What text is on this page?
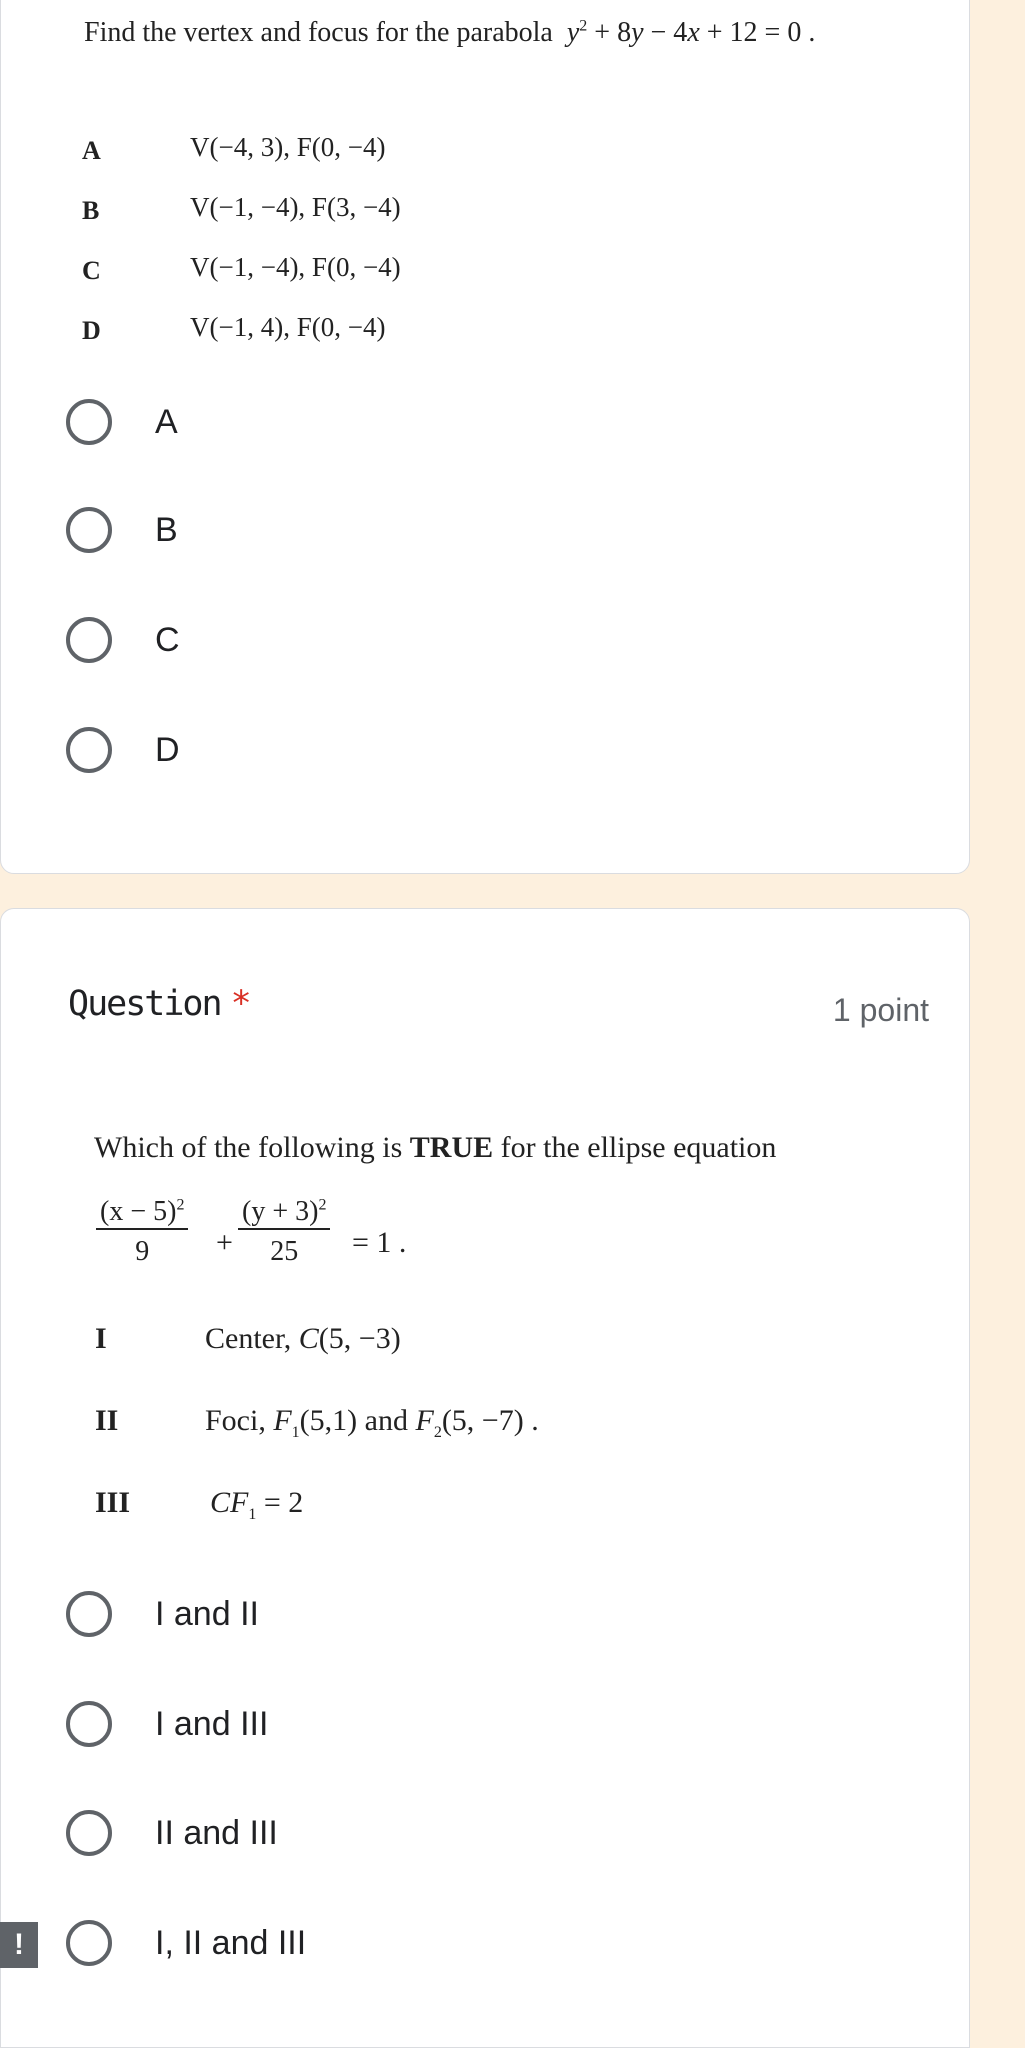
Find the vertex and focus for the parabola $y^2 + 8y - 4x + 12 = 0$ .
A	V(−4, 3), F(0, −4)
B	V(−1, −4), F(3, −4)
C	V(−1, −4), F(0, −4)
D	V(−1, 4), F(0, −4)
A
B
C
D
Question *	1 point
Which of the following is TRUE for the ellipse equation
$\frac{(x - 5)^2}{9} + \frac{(y + 3)^2}{25} = 1$ .
I	Center, C(5, −3)
II	Foci, $F_1(5,1)$ and $F_2(5$, −7) .
III	$CF_1 = 2$
I and II
I and III
II and III
I, II and III
!
